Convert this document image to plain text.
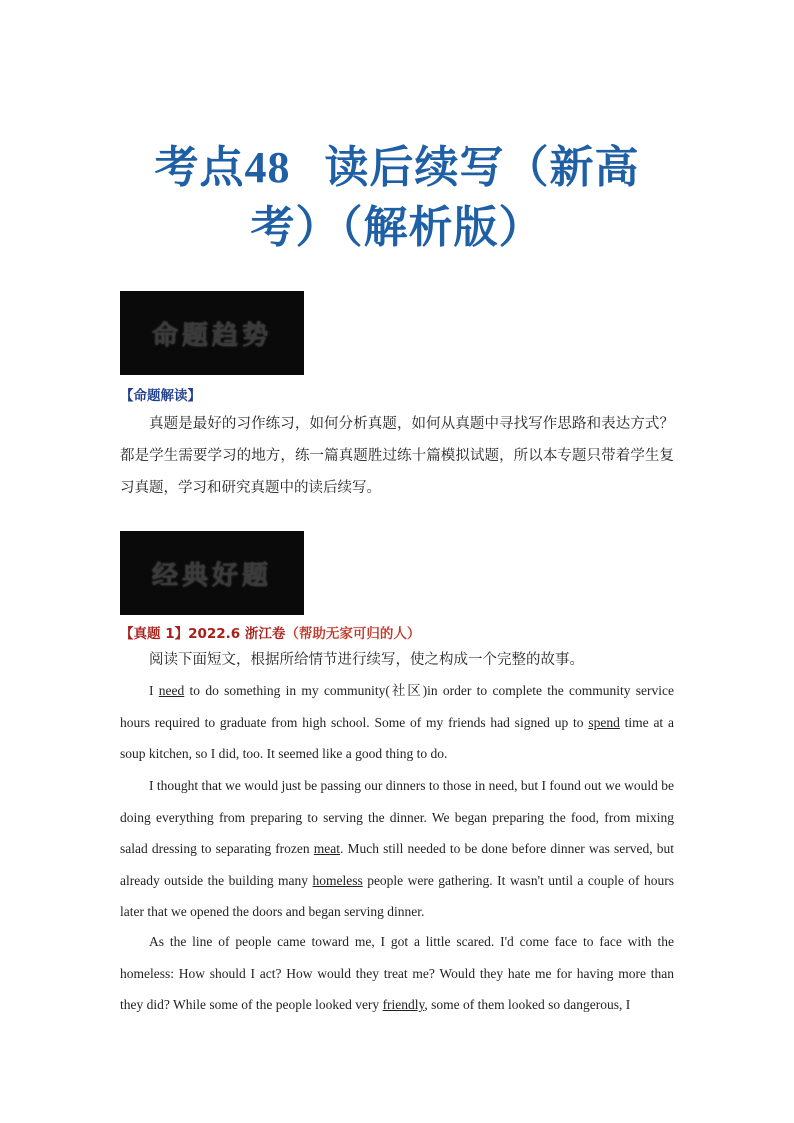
考点48 读后续写（新高
考）（解析版）
命题趋势
【命题解读】
真题是最好的习作练习，如何分析真题，如何从真题中寻找写作思路和表达方式？都是学生需要学习的地方，练一篇真题胜过练十篇模拟试题，所以本专题只带着学生复习真题，学习和研究真题中的读后续写。
经典好题
【真题 1】2022.6 浙江卷（帮助无家可归的人）
阅读下面短文，根据所给情节进行续写，使之构成一个完整的故事。
I need to do something in my community(社区)in order to complete the community service hours required to graduate from high school. Some of my friends had signed up to spend time at a soup kitchen, so I did, too. It seemed like a good thing to do.
I thought that we would just be passing our dinners to those in need, but I found out we would be doing everything from preparing to serving the dinner. We began preparing the food, from mixing salad dressing to separating frozen meat. Much still needed to be done before dinner was served, but already outside the building many homeless people were gathering. It wasn't until a couple of hours later that we opened the doors and began serving dinner.
As the line of people came toward me, I got a little scared. I'd come face to face with the homeless: How should I act? How would they treat me? Would they hate me for having more than they did? While some of the people looked very friendly, some of them looked so dangerous, I
